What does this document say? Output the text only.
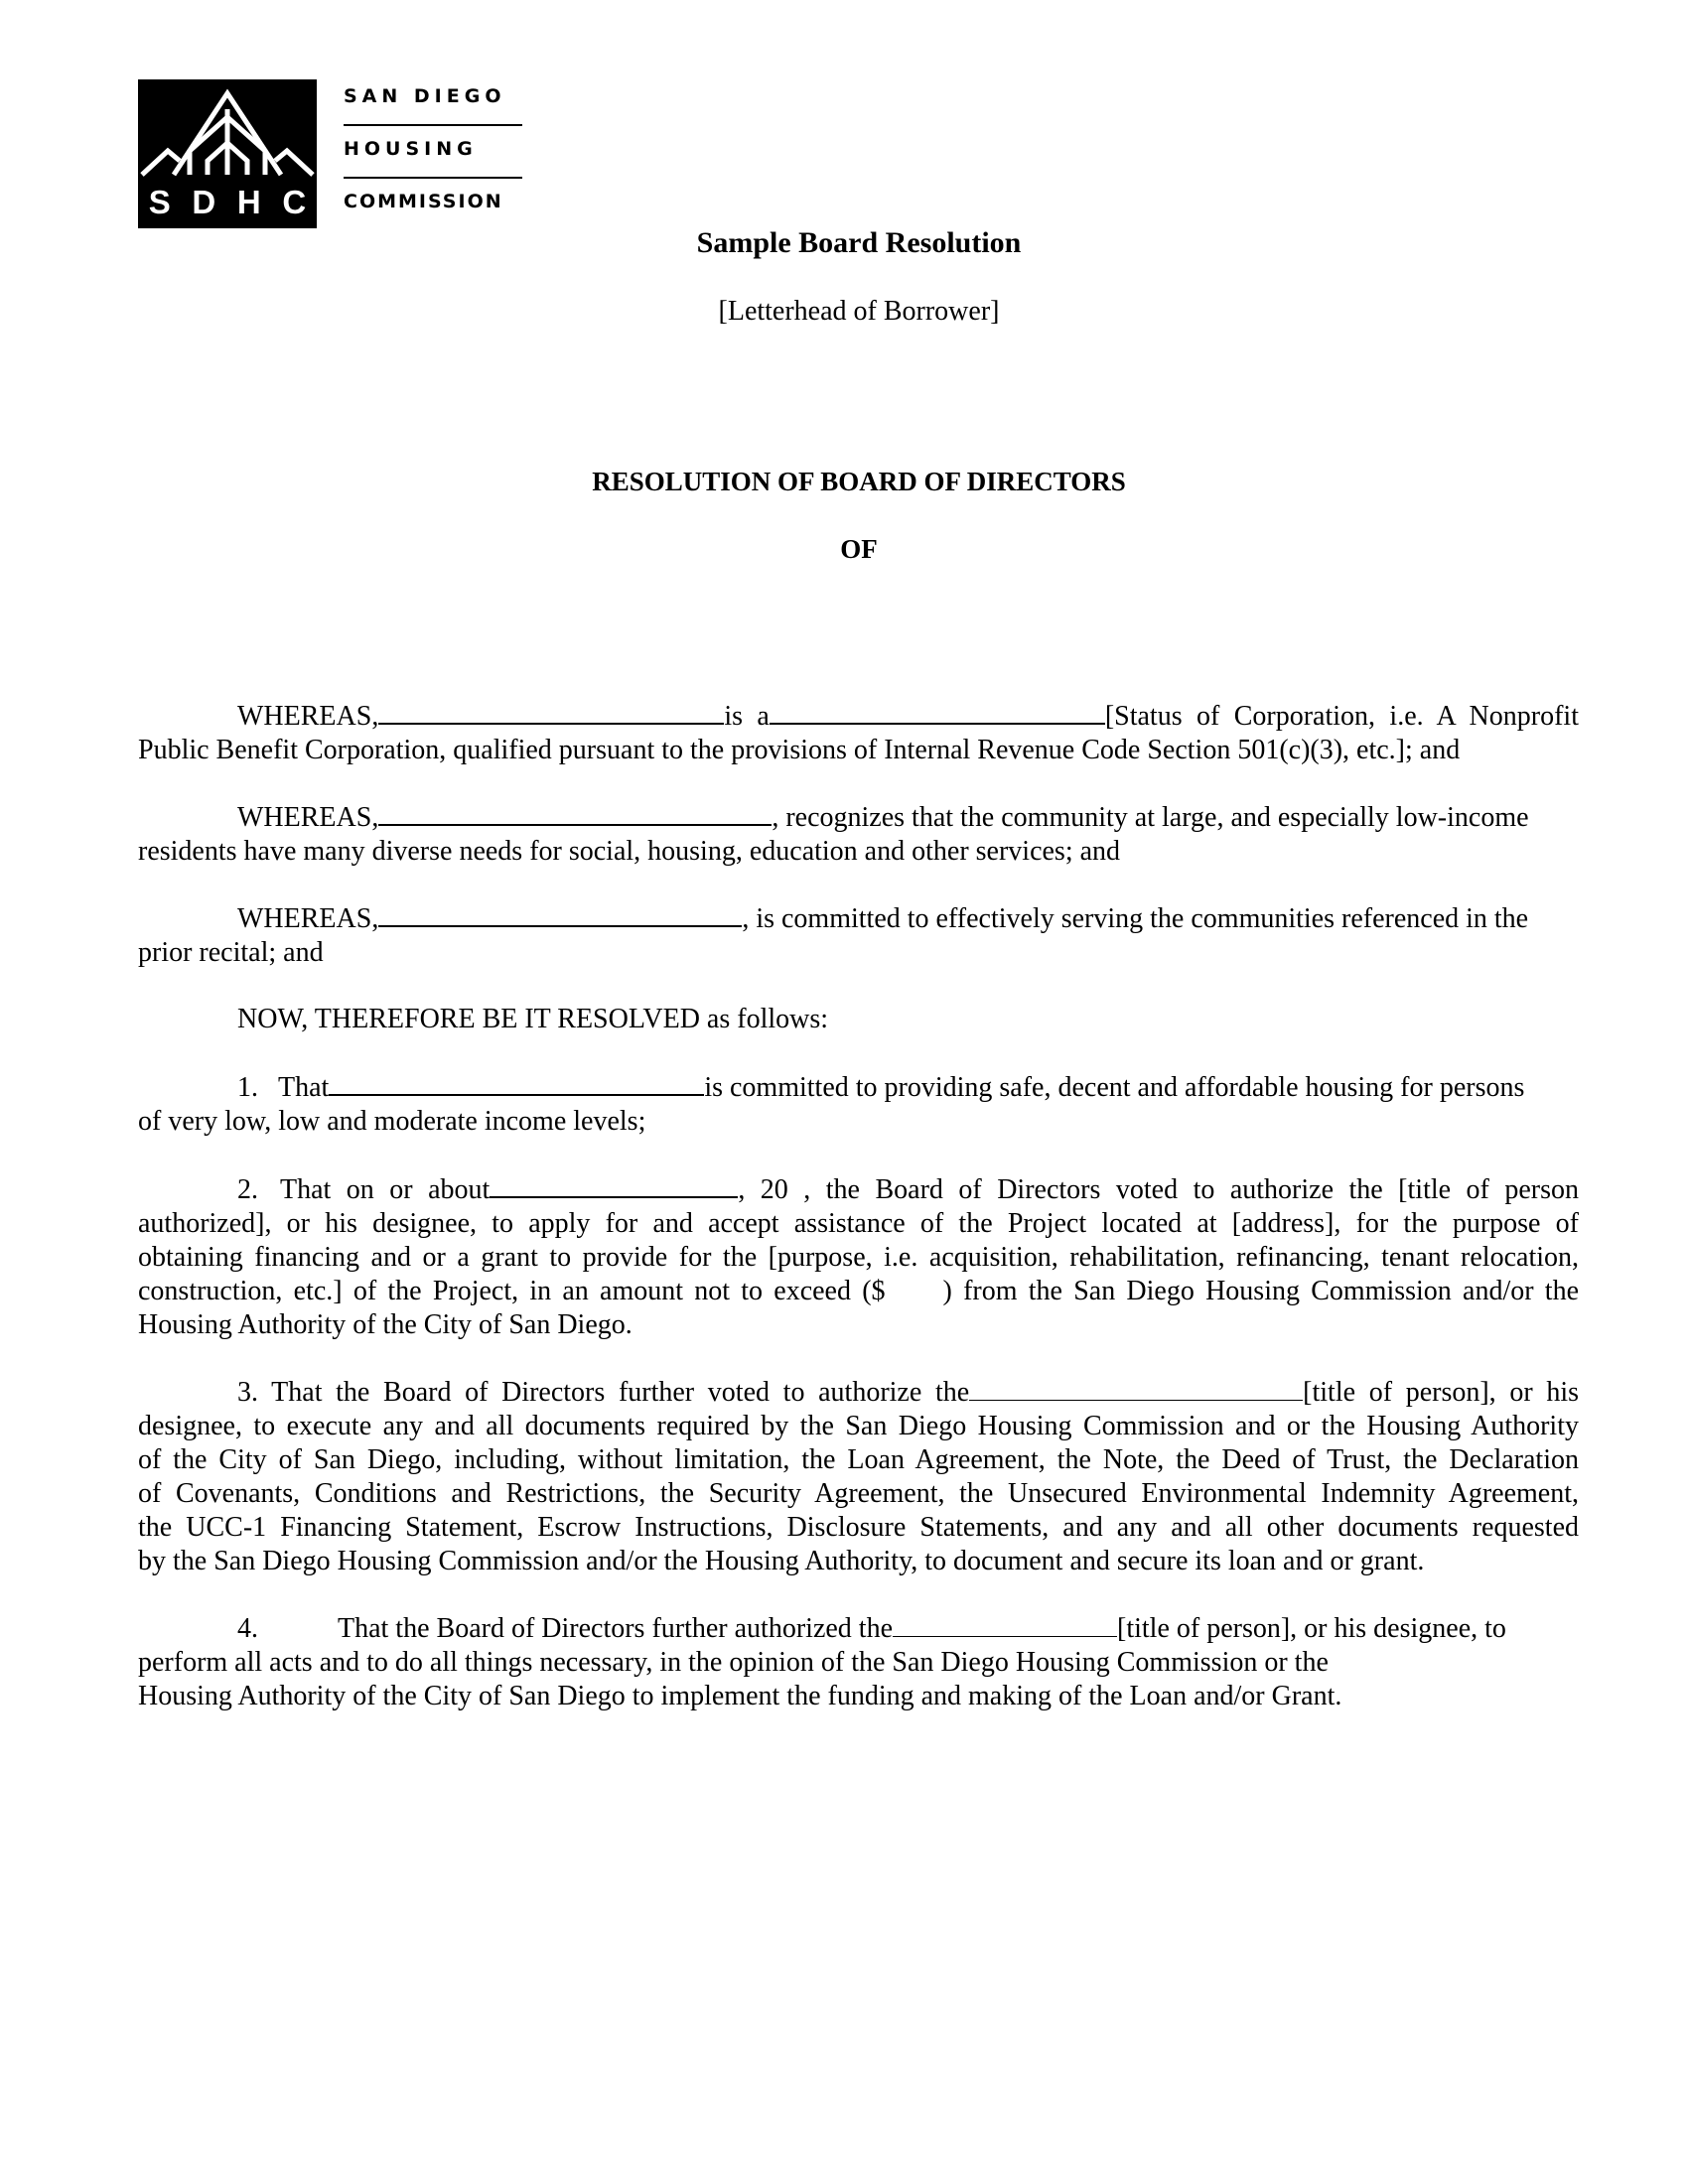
S D H C
SAN DIEGO
HOUSING
COMMISSION
Sample Board Resolution
[Letterhead of Borrower]
RESOLUTION OF BOARD OF DIRECTORS
OF
WHEREAS,	is a	[Status of Corporation, i.e. A Nonprofit
Public Benefit Corporation, qualified pursuant to the provisions of Internal Revenue Code Section 501(c)(3), etc.]; and
WHEREAS,	, recognizes that the community at large, and especially low-income
residents have many diverse needs for social, housing, education and other services; and
WHEREAS,	, is committed to effectively serving the communities referenced in the
prior recital; and
NOW, THEREFORE BE IT RESOLVED as follows:
1. That	is committed to providing safe, decent and affordable housing for persons
of very low, low and moderate income levels;
2. That on or about	, 20 , the Board of Directors voted to authorize the [title of person
authorized], or his designee, to apply for and accept assistance of the Project located at [address], for the purpose of
obtaining financing and or a grant to provide for the [purpose, i.e. acquisition, rehabilitation, refinancing, tenant relocation,
construction, etc.] of the Project, in an amount not to exceed ($ ) from the San Diego Housing Commission and/or the
Housing Authority of the City of San Diego.
3. That the Board of Directors further voted to authorize the	[title of person], or his
designee, to execute any and all documents required by the San Diego Housing Commission and or the Housing Authority
of the City of San Diego, including, without limitation, the Loan Agreement, the Note, the Deed of Trust, the Declaration
of Covenants, Conditions and Restrictions, the Security Agreement, the Unsecured Environmental Indemnity Agreement,
the UCC-1 Financing Statement, Escrow Instructions, Disclosure Statements, and any and all other documents requested
by the San Diego Housing Commission and/or the Housing Authority, to document and secure its loan and or grant.
4.	That the Board of Directors further authorized the	[title of person], or his designee, to
perform all acts and to do all things necessary, in the opinion of the San Diego Housing Commission or the
Housing Authority of the City of San Diego to implement the funding and making of the Loan and/or Grant.
